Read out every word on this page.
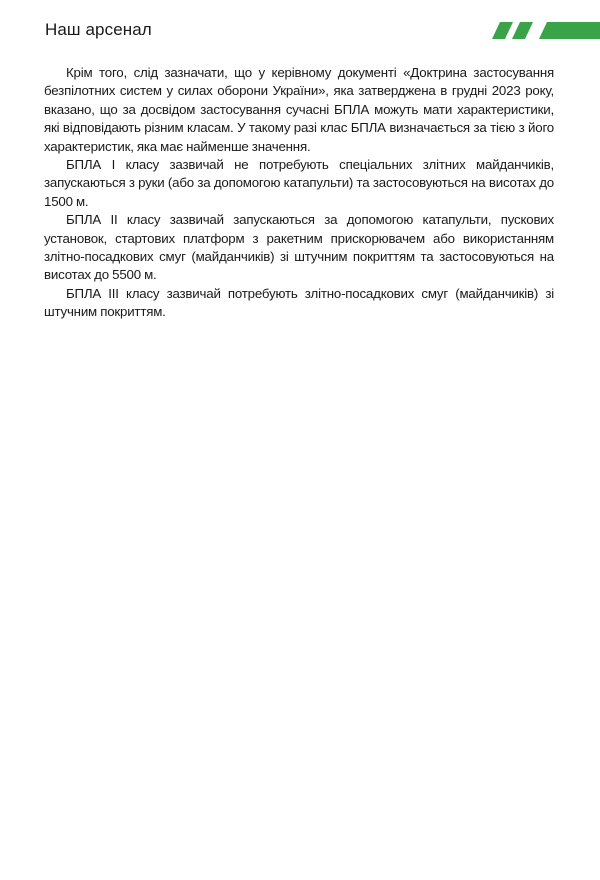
Наш арсенал

Крім того, слід зазначати, що у керівному документі «Доктрина застосування безпілотних систем у силах оборони України», яка затверджена в грудні 2023 року, вказано, що за досвідом застосування сучасні БПЛА можуть мати характеристики, які відповідають різним класам. У такому разі клас БПЛА визначається за тією з його характеристик, яка має найменше значення.

БПЛА I класу зазвичай не потребують спеціальних злітних майданчиків, запускаються з руки (або за допомогою катапульти) та застосовуються на висотах до 1500 м.

БПЛА II класу зазвичай запускаються за допомогою катапульти, пускових установок, стартових платформ з ракетним прискорювачем або використанням злітно-посадкових смуг (майданчиків) зі штучним покриттям та застосовуються на висотах до 5500 м.

БПЛА III класу зазвичай потребують злітно-посадкових смуг (майданчиків) зі штучним покриттям.
